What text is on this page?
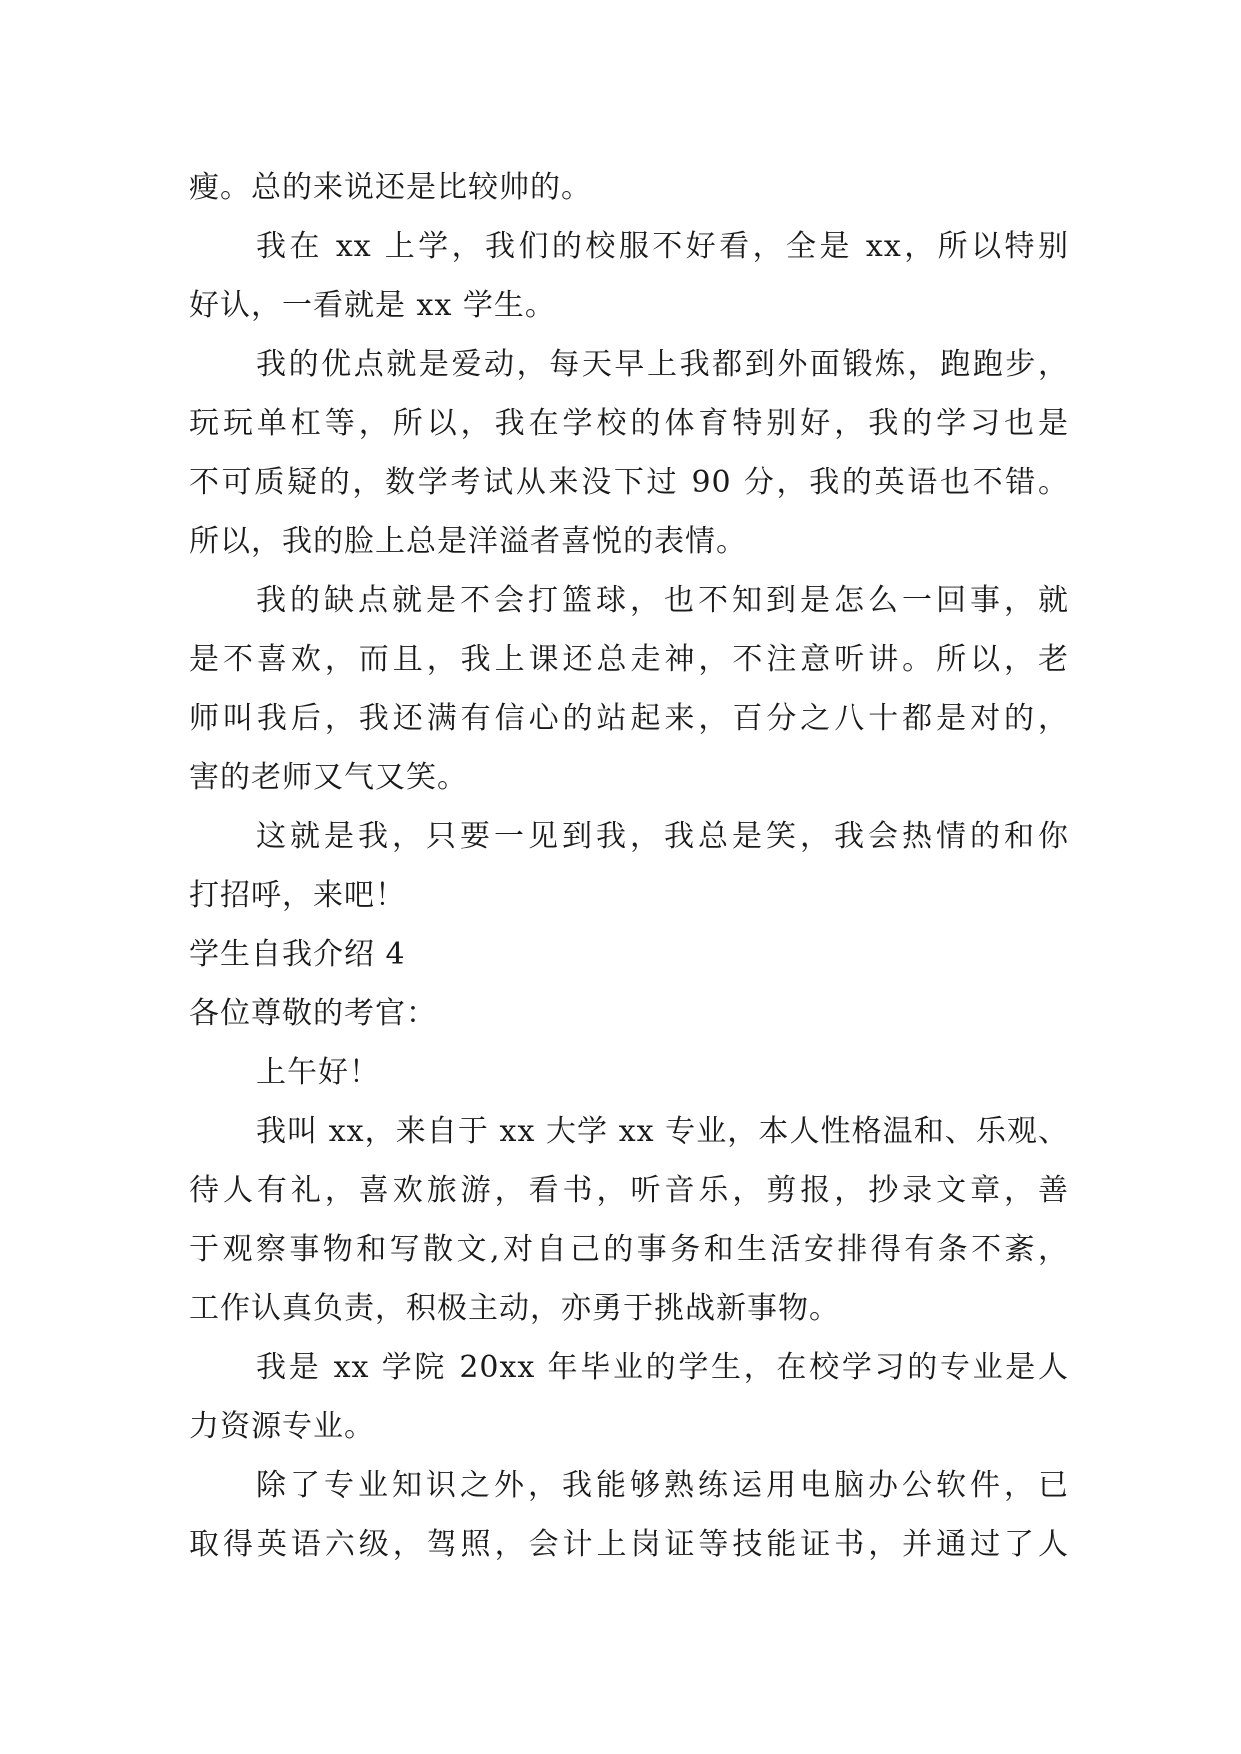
瘦。总的来说还是比较帅的。
我在 xx 上学，我们的校服不好看，全是 xx，所以特别
好认，一看就是 xx 学生。
我的优点就是爱动，每天早上我都到外面锻炼，跑跑步，
玩玩单杠等，所以，我在学校的体育特别好，我的学习也是
不可质疑的，数学考试从来没下过 90 分，我的英语也不错。
所以，我的脸上总是洋溢者喜悦的表情。
我的缺点就是不会打篮球，也不知到是怎么一回事，就
是不喜欢，而且，我上课还总走神，不注意听讲。所以，老
师叫我后，我还满有信心的站起来，百分之八十都是对的，
害的老师又气又笑。
这就是我，只要一见到我，我总是笑，我会热情的和你
打招呼，来吧！
学生自我介绍 4
各位尊敬的考官：
上午好！
我叫 xx，来自于 xx 大学 xx 专业，本人性格温和、乐观、
待人有礼，喜欢旅游，看书，听音乐，剪报，抄录文章，善
于观察事物和写散文,对自己的事务和生活安排得有条不紊，
工作认真负责，积极主动，亦勇于挑战新事物。
我是 xx 学院 20xx 年毕业的学生，在校学习的专业是人
力资源专业。
除了专业知识之外，我能够熟练运用电脑办公软件，已
取得英语六级，驾照，会计上岗证等技能证书，并通过了人
